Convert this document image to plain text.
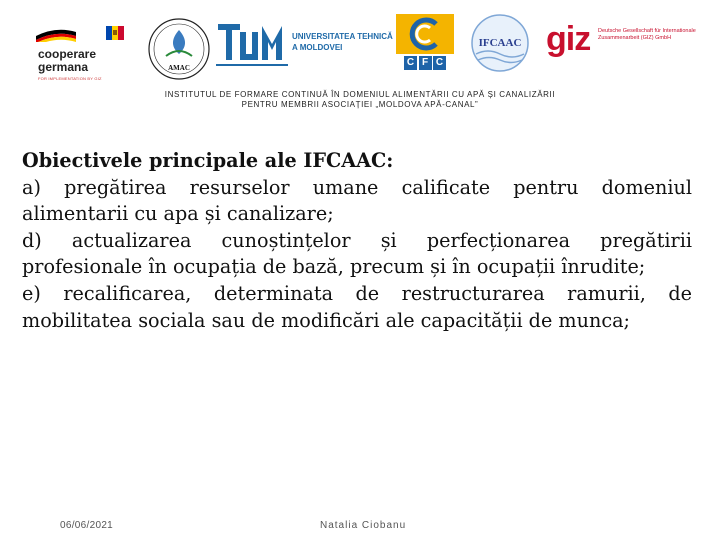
cooperare
germana
FOR IMPLEMENTATION BY GIZ
AMAC
UNIVERSITATEA TEHNICĂ
A MOLDOVEI
C F C
IFCAAC giz Deutsche Gesellschaft für Internationale Zusammenarbeit (GIZ) GmbH
INSTITUTUL DE FORMARE CONTINUĂ ÎN DOMENIUL ALIMENTĂRII CU APĂ ȘI CANALIZĂRII
PENTRU MEMBRII ASOCIAȚIEI „MOLDOVA APĂ-CANAL”

Obiectivele principale ale IFCAAC:

a) pregătirea resurselor umane calificate pentru domeniul alimentarii cu apa și canalizare;

d) actualizarea cunoștințelor și perfecționarea pregătirii profesionale în ocupația de bază, precum și în ocupații înrudite;

e) recalificarea, determinata de restructurarea ramurii, de mobilitatea sociala sau de modificări ale capacității de munca;

06/06/2021	Natalia Ciobanu
